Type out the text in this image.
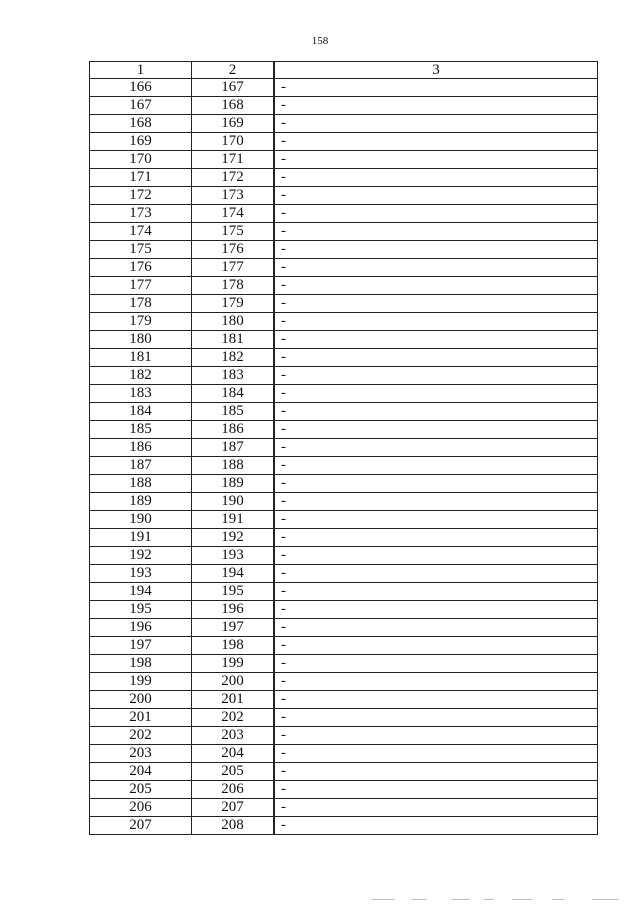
158
1	2	3
166	167	-
167	168	-
168	169	-
169	170	-
170	171	-
171	172	-
172	173	-
173	174	-
174	175	-
175	176	-
176	177	-
177	178	-
178	179	-
179	180	-
180	181	-
181	182	-
182	183	-
183	184	-
184	185	-
185	186	-
186	187	-
187	188	-
188	189	-
189	190	-
190	191	-
191	192	-
192	193	-
193	194	-
194	195	-
195	196	-
196	197	-
197	198	-
198	199	-
199	200	-
200	201	-
201	202	-
202	203	-
203	204	-
204	205	-
205	206	-
206	207	-
207	208	-
